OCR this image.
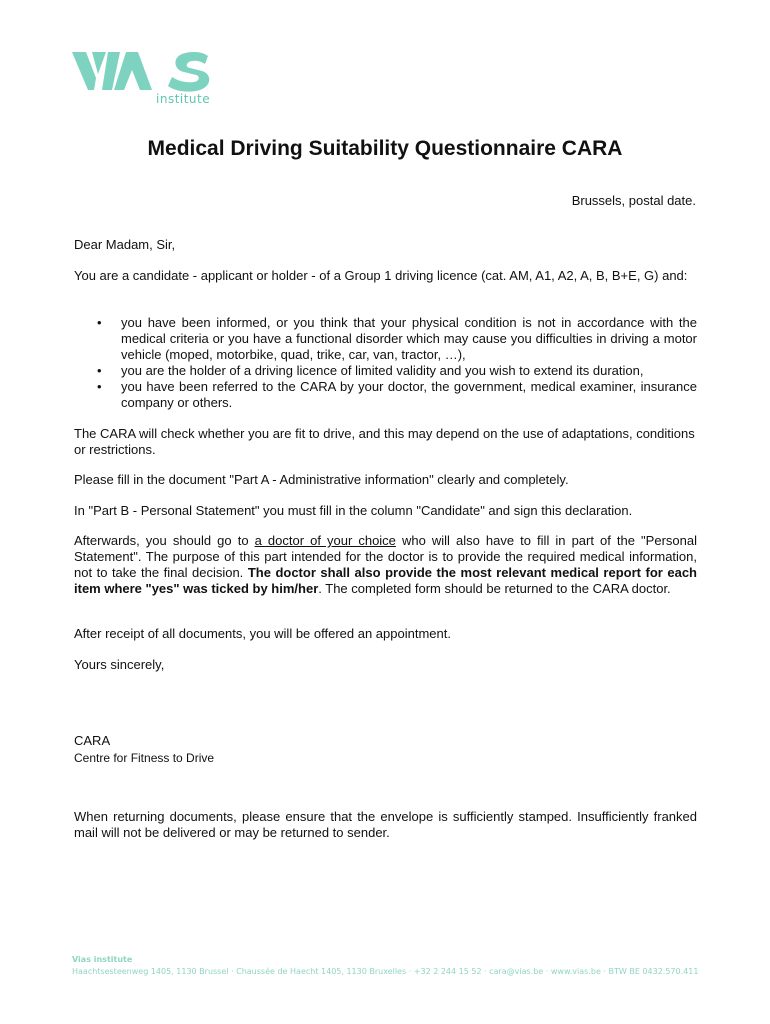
institute
Medical Driving Suitability Questionnaire CARA
Brussels, postal date.

Dear Madam, Sir,

You are a candidate - applicant or holder - of a Group 1 driving licence (cat. AM, A1, A2, A, B, B+E, G) and:

• you have been informed, or you think that your physical condition is not in accordance with the medical criteria or you have a functional disorder which may cause you difficulties in driving a motor vehicle (moped, motorbike, quad, trike, car, van, tractor, …),
• you are the holder of a driving licence of limited validity and you wish to extend its duration,
• you have been referred to the CARA by your doctor, the government, medical examiner, insurance company or others.

The CARA will check whether you are fit to drive, and this may depend on the use of adaptations, conditions or restrictions.

Please fill in the document "Part A - Administrative information" clearly and completely.

In "Part B - Personal Statement" you must fill in the column "Candidate" and sign this declaration.

Afterwards, you should go to a doctor of your choice who will also have to fill in part of the "Personal Statement". The purpose of this part intended for the doctor is to provide the required medical information, not to take the final decision. The doctor shall also provide the most relevant medical report for each item where "yes" was ticked by him/her. The completed form should be returned to the CARA doctor.

After receipt of all documents, you will be offered an appointment.

Yours sincerely,

CARA

Centre for Fitness to Drive

When returning documents, please ensure that the envelope is sufficiently stamped. Insufficiently franked mail will not be delivered or may be returned to sender.

Vias institute
Haachtsesteenweg 1405, 1130 Brussel · Chaussée de Haecht 1405, 1130 Bruxelles · +32 2 244 15 52 · cara@vias.be · www.vias.be · BTW BE 0432.570.411
